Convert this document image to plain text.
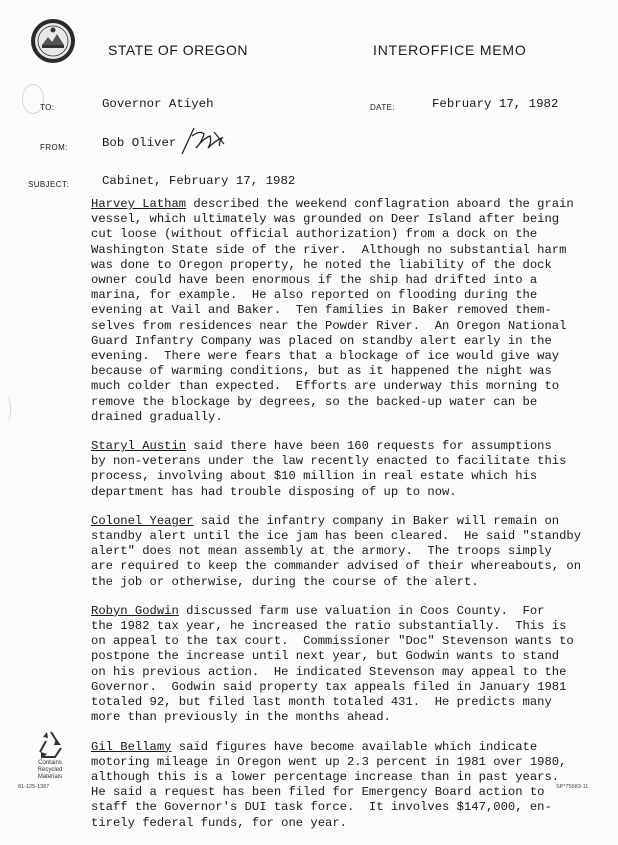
STATE OF OREGON	INTEROFFICE MEMO
TO:	Governor Atiyeh	DATE:	February 17, 1982
FROM:	Bob Oliver
SUBJECT:	Cabinet, February 17, 1982
Harvey Latham described the weekend conflagration aboard the grain
vessel, which ultimately was grounded on Deer Island after being
cut loose (without official authorization) from a dock on the
Washington State side of the river.  Although no substantial harm
was done to Oregon property, he noted the liability of the dock
owner could have been enormous if the ship had drifted into a
marina, for example.  He also reported on flooding during the
evening at Vail and Baker.  Ten families in Baker removed them-
selves from residences near the Powder River.  An Oregon National
Guard Infantry Company was placed on standby alert early in the
evening.  There were fears that a blockage of ice would give way
because of warming conditions, but as it happened the night was
much colder than expected.  Efforts are underway this morning to
remove the blockage by degrees, so the backed-up water can be
drained gradually.
Staryl Austin said there have been 160 requests for assumptions
by non-veterans under the law recently enacted to facilitate this
process, involving about $10 million in real estate which his
department has had trouble disposing of up to now.
Colonel Yeager said the infantry company in Baker will remain on
standby alert until the ice jam has been cleared.  He said "standby
alert" does not mean assembly at the armory.  The troops simply
are required to keep the commander advised of their whereabouts, on
the job or otherwise, during the course of the alert.
Robyn Godwin discussed farm use valuation in Coos County.  For
the 1982 tax year, he increased the ratio substantially.  This is
on appeal to the tax court.  Commissioner "Doc" Stevenson wants to
postpone the increase until next year, but Godwin wants to stand
on his previous action.  He indicated Stevenson may appeal to the
Governor.  Godwin said property tax appeals filed in January 1981
totaled 92, but filed last month totaled 431.  He predicts many
more than previously in the months ahead.
Gil Bellamy said figures have become available which indicate
motoring mileage in Oregon went up 2.3 percent in 1981 over 1980,
although this is a lower percentage increase than in past years.
He said a request has been filed for Emergency Board action to
staff the Governor's DUI task force.  It involves $147,000, en-
tirely federal funds, for one year.
Contains
Recycled
Materials
81-125-1387	SP*75683-11
